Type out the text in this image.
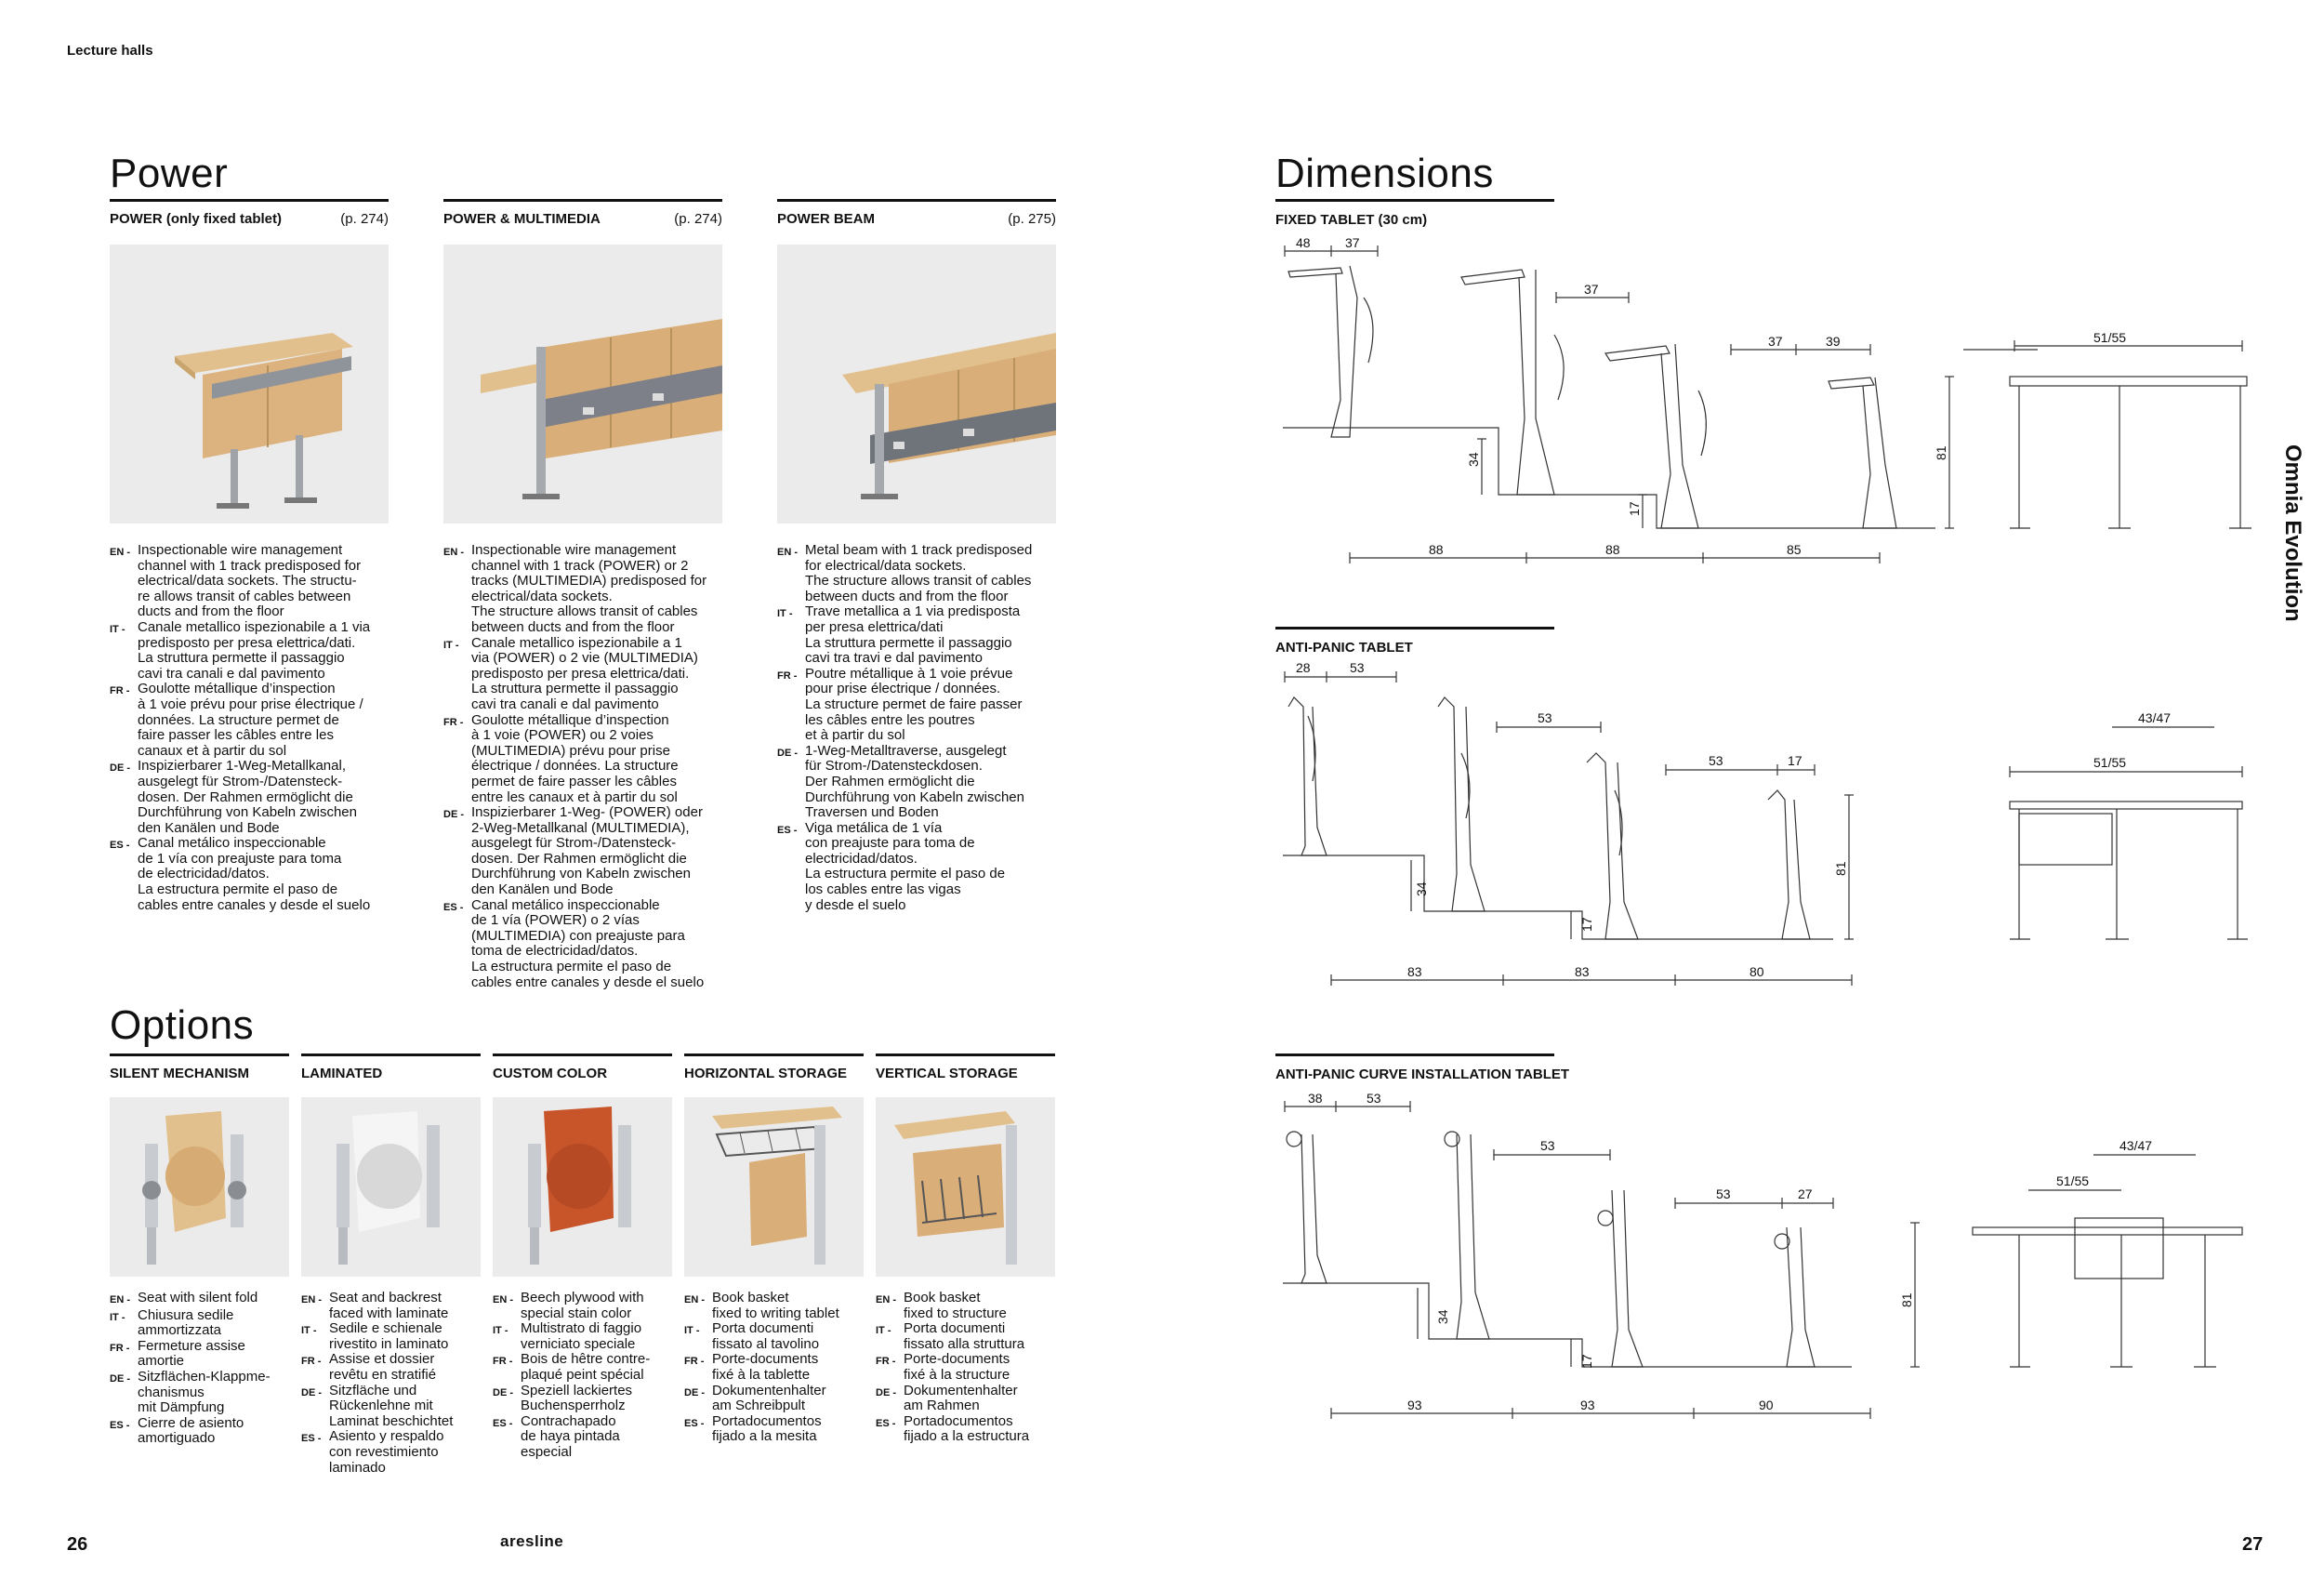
Lecture halls
Power
POWER (only fixed tablet)	(p. 274)	POWER & MULTIMEDIA	(p. 274)	POWER BEAM	(p. 275)
EN - Inspectionable wire management
channel with 1 track predisposed for
electrical/data sockets. The structu-
re allows transit of cables between
ducts and from the floor
IT - Canale metallico ispezionabile a 1 via
predisposto per presa elettrica/dati.
La struttura permette il passaggio
cavi tra canali e dal pavimento
FR - Goulotte métallique d’inspection
à 1 voie prévu pour prise électrique /
données. La structure permet de
faire passer les câbles entre les
canaux et à partir du sol
DE - Inspizierbarer 1-Weg-Metallkanal,
ausgelegt für Strom-/Datensteck-
dosen. Der Rahmen ermöglicht die
Durchführung von Kabeln zwischen
den Kanälen und Bode
ES - Canal metálico inspeccionable
de 1 vía con preajuste para toma
de electricidad/datos.
La estructura permite el paso de
cables entre canales y desde el suelo
EN - Inspectionable wire management
channel with 1 track (POWER) or 2
tracks (MULTIMEDIA) predisposed for
electrical/data sockets.
The structure allows transit of cables
between ducts and from the floor
IT - Canale metallico ispezionabile a 1
via (POWER) o 2 vie (MULTIMEDIA)
predisposto per presa elettrica/dati.
La struttura permette il passaggio
cavi tra canali e dal pavimento
FR - Goulotte métallique d’inspection
à 1 voie (POWER) ou 2 voies
(MULTIMEDIA) prévu pour prise
électrique / données. La structure
permet de faire passer les câbles
entre les canaux et à partir du sol
DE - Inspizierbarer 1-Weg- (POWER) oder
2-Weg-Metallkanal (MULTIMEDIA),
ausgelegt für Strom-/Datensteck-
dosen. Der Rahmen ermöglicht die
Durchführung von Kabeln zwischen
den Kanälen und Bode
ES - Canal metálico inspeccionable
de 1 vía (POWER) o 2 vías
(MULTIMEDIA) con preajuste para
toma de electricidad/datos.
La estructura permite el paso de
cables entre canales y desde el suelo
EN - Metal beam with 1 track predisposed
for electrical/data sockets.
The structure allows transit of cables
between ducts and from the floor
IT - Trave metallica a 1 via predisposta
per presa elettrica/dati
La struttura permette il passaggio
cavi tra travi e dal pavimento
FR - Poutre métallique à 1 voie prévue
pour prise électrique / données.
La structure permet de faire passer
les câbles entre les poutres
et à partir du sol
DE - 1-Weg-Metalltraverse, ausgelegt
für Strom-/Datensteckdosen.
Der Rahmen ermöglicht die
Durchführung von Kabeln zwischen
Traversen und Boden
ES - Viga metálica de 1 vía
con preajuste para toma de
electricidad/datos.
La estructura permite el paso de
los cables entre las vigas
y desde el suelo
Options
SILENT MECHANISM	LAMINATED	CUSTOM COLOR	HORIZONTAL STORAGE	VERTICAL STORAGE
EN - Seat with silent fold
IT - Chiusura sedile
ammortizzata
FR - Fermeture assise
amortie
DE - Sitzflächen-Klappme-
chanismus
mit Dämpfung
ES - Cierre de asiento
amortiguado
EN - Seat and backrest
faced with laminate
IT - Sedile e schienale
rivestito in laminato
FR - Assise et dossier
revêtu en stratifié
DE - Sitzfläche und
Rückenlehne mit
Laminat beschichtet
ES - Asiento y respaldo
con revestimiento
laminado
EN - Beech plywood with
special stain color
IT - Multistrato di faggio
verniciato speciale
FR - Bois de hêtre contre-
plaqué peint spécial
DE - Speziell lackiertes
Buchensperrholz
ES - Contrachapado
de haya pintada
especial
EN - Book basket
fixed to writing tablet
IT - Porta documenti
fissato al tavolino
FR - Porte-documents
fixé à la tablette
DE - Dokumentenhalter
am Schreibpult
ES - Portadocumentos
fijado a la mesita
EN - Book basket
fixed to structure
IT - Porta documenti
fissato alla struttura
FR - Porte-documents
fixé à la structure
DE - Dokumentenhalter
am Rahmen
ES - Portadocumentos
fijado a la estructura
Dimensions
FIXED TABLET (30 cm)
48	37
37
37	39
88	88	85
34
17
81
51/55
ANTI-PANIC TABLET
28	53
53
53	17
83	83	80
34
17
81
43/47
51/55
ANTI-PANIC CURVE INSTALLATION TABLET
38	53
53
53	27
93	93	90
34
17
81
43/47
51/55
Omnia Evolution
26	aresline	27
